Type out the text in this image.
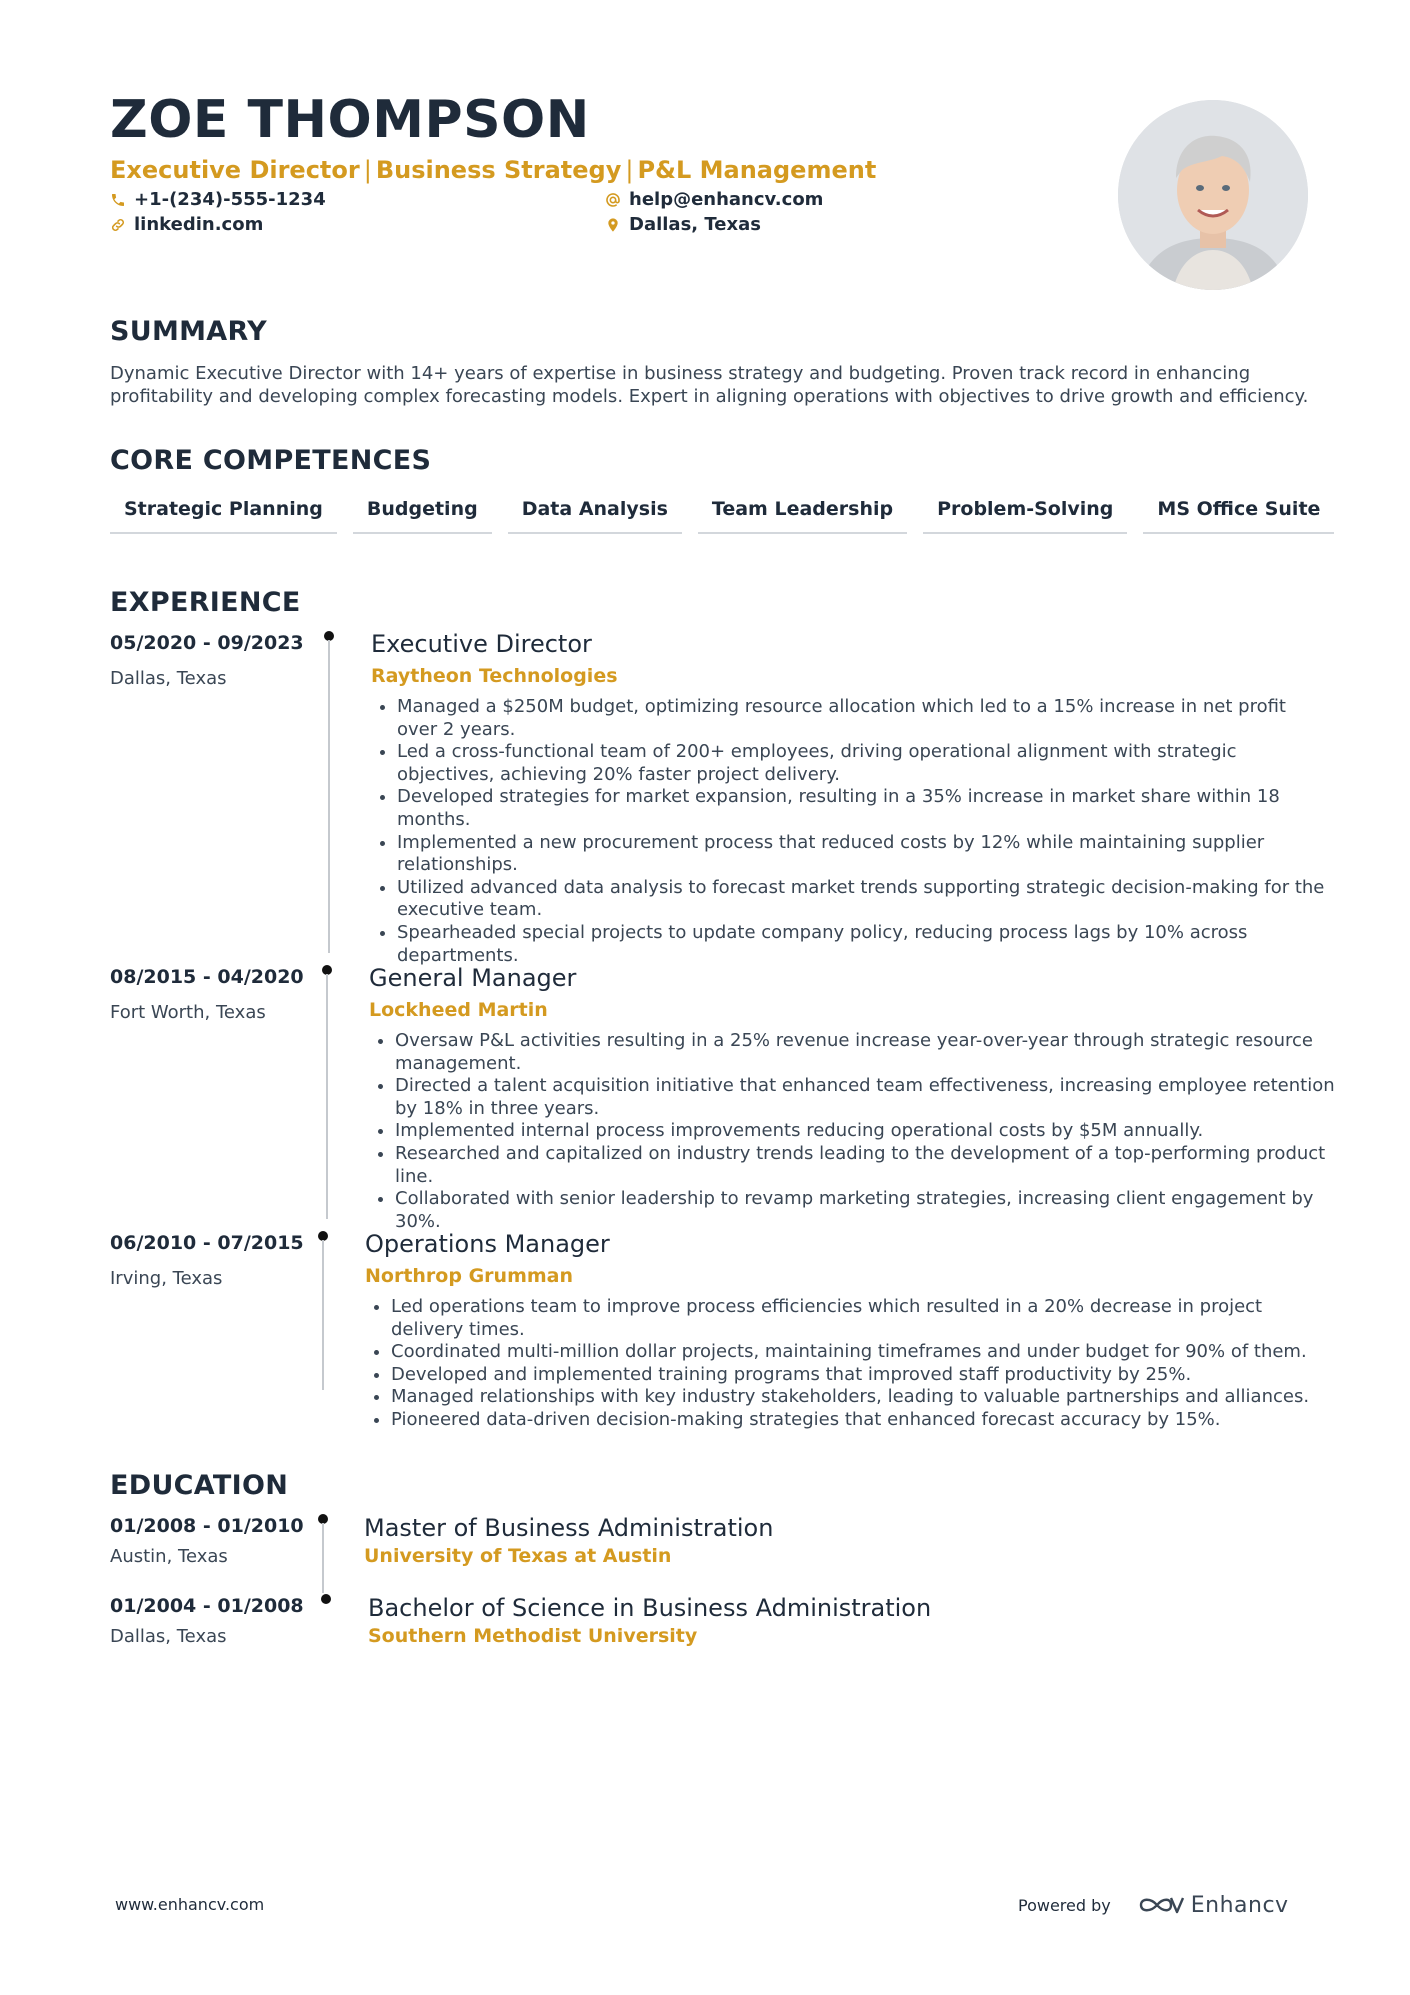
ZOE THOMPSON
Executive Director | Business Strategy | P&L Management
+1-(234)-555-1234	help@enhancv.com
linkedin.com	Dallas, Texas
SUMMARY
Dynamic Executive Director with 14+ years of expertise in business strategy and budgeting. Proven track record in enhancing profitability and developing complex forecasting models. Expert in aligning operations with objectives to drive growth and efficiency.
CORE COMPETENCES
Strategic Planning	Budgeting	Data Analysis	Team Leadership	Problem-Solving	MS Office Suite
EXPERIENCE
05/2020 - 09/2023
Dallas, Texas
Executive Director
Raytheon Technologies
• Managed a $250M budget, optimizing resource allocation which led to a 15% increase in net profit over 2 years.
• Led a cross-functional team of 200+ employees, driving operational alignment with strategic objectives, achieving 20% faster project delivery.
• Developed strategies for market expansion, resulting in a 35% increase in market share within 18 months.
• Implemented a new procurement process that reduced costs by 12% while maintaining supplier relationships.
• Utilized advanced data analysis to forecast market trends supporting strategic decision-making for the executive team.
• Spearheaded special projects to update company policy, reducing process lags by 10% across departments.
08/2015 - 04/2020
Fort Worth, Texas
General Manager
Lockheed Martin
• Oversaw P&L activities resulting in a 25% revenue increase year-over-year through strategic resource management.
• Directed a talent acquisition initiative that enhanced team effectiveness, increasing employee retention by 18% in three years.
• Implemented internal process improvements reducing operational costs by $5M annually.
• Researched and capitalized on industry trends leading to the development of a top-performing product line.
• Collaborated with senior leadership to revamp marketing strategies, increasing client engagement by 30%.
06/2010 - 07/2015
Irving, Texas
Operations Manager
Northrop Grumman
• Led operations team to improve process efficiencies which resulted in a 20% decrease in project delivery times.
• Coordinated multi-million dollar projects, maintaining timeframes and under budget for 90% of them.
• Developed and implemented training programs that improved staff productivity by 25%.
• Managed relationships with key industry stakeholders, leading to valuable partnerships and alliances.
• Pioneered data-driven decision-making strategies that enhanced forecast accuracy by 15%.
EDUCATION
01/2008 - 01/2010
Austin, Texas
Master of Business Administration
University of Texas at Austin
01/2004 - 01/2008
Dallas, Texas
Bachelor of Science in Business Administration
Southern Methodist University
www.enhancv.com	Powered by	Enhancv
